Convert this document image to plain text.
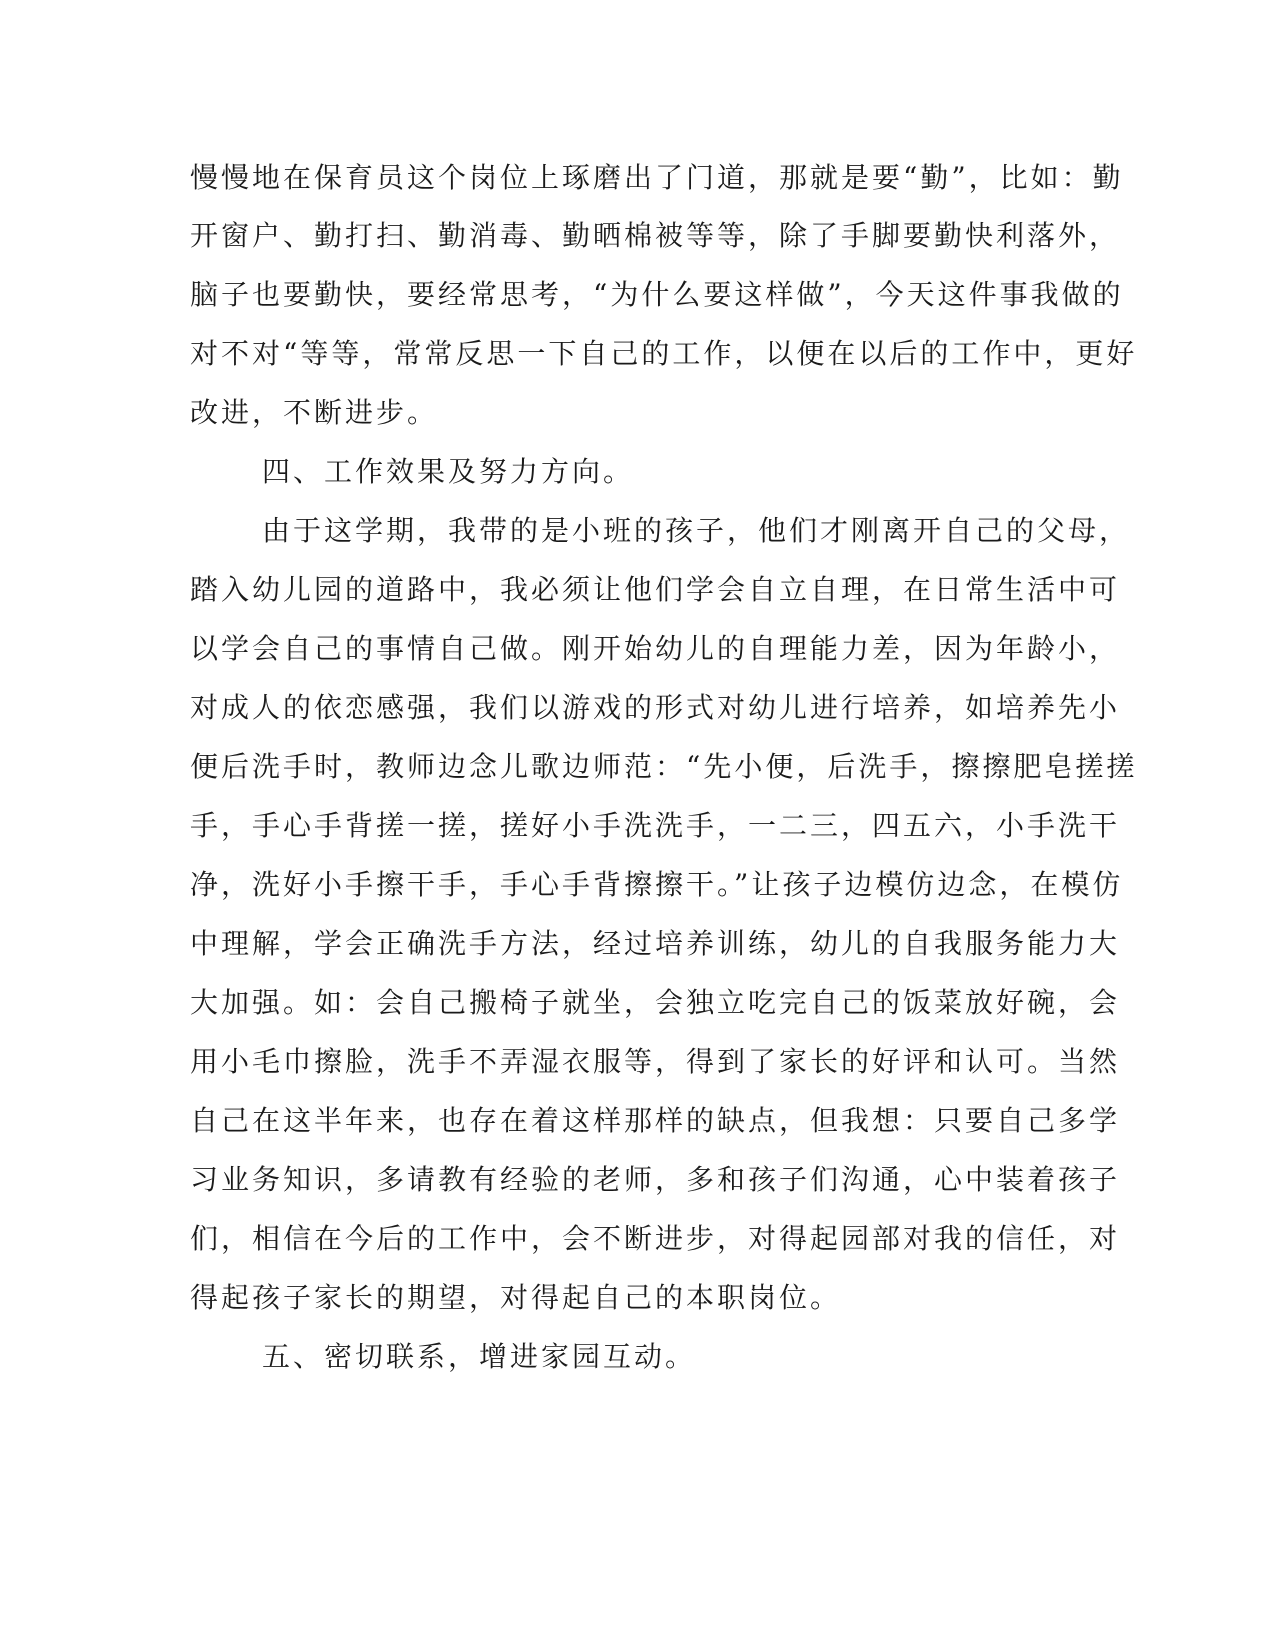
慢慢地在保育员这个岗位上琢磨出了门道，那就是要“勤”，比如：勤
开窗户、勤打扫、勤消毒、勤晒棉被等等，除了手脚要勤快利落外，
脑子也要勤快，要经常思考，“为什么要这样做”，今天这件事我做的
对不对“等等，常常反思一下自己的工作，以便在以后的工作中，更好
改进，不断进步。
四、工作效果及努力方向。
由于这学期，我带的是小班的孩子，他们才刚离开自己的父母，
踏入幼儿园的道路中，我必须让他们学会自立自理，在日常生活中可
以学会自己的事情自己做。刚开始幼儿的自理能力差，因为年龄小，
对成人的依恋感强，我们以游戏的形式对幼儿进行培养，如培养先小
便后洗手时，教师边念儿歌边师范：“先小便，后洗手，擦擦肥皂搓搓
手，手心手背搓一搓，搓好小手洗洗手，一二三，四五六，小手洗干
净，洗好小手擦干手，手心手背擦擦干。”让孩子边模仿边念，在模仿
中理解，学会正确洗手方法，经过培养训练，幼儿的自我服务能力大
大加强。如：会自己搬椅子就坐，会独立吃完自己的饭菜放好碗，会
用小毛巾擦脸，洗手不弄湿衣服等，得到了家长的好评和认可。当然
自己在这半年来，也存在着这样那样的缺点，但我想：只要自己多学
习业务知识，多请教有经验的老师，多和孩子们沟通，心中装着孩子
们，相信在今后的工作中，会不断进步，对得起园部对我的信任，对
得起孩子家长的期望，对得起自己的本职岗位。
五、密切联系，增进家园互动。
